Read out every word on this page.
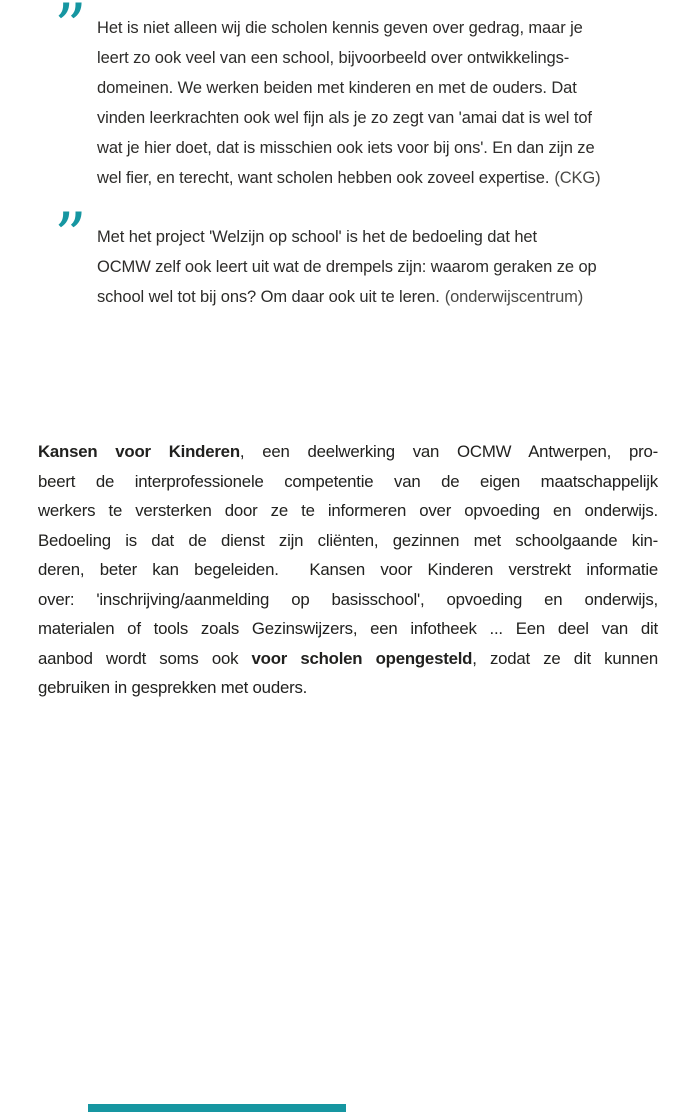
” Het is niet alleen wij die scholen kennis geven over gedrag, maar je
leert zo ook veel van een school, bijvoorbeeld over ontwikkelings-
domeinen. We werken beiden met kinderen en met de ouders. Dat
vinden leerkrachten ook wel fijn als je zo zegt van 'amai dat is wel tof
wat je hier doet, dat is misschien ook iets voor bij ons'. En dan zijn ze
wel fier, en terecht, want scholen hebben ook zoveel expertise. (CKG)
” Met het project 'Welzijn op school' is het de bedoeling dat het
OCMW zelf ook leert uit wat de drempels zijn: waarom geraken ze op
school wel tot bij ons? Om daar ook uit te leren. (onderwijscentrum)
Kansen voor Kinderen, een deelwerking van OCMW Antwerpen, pro-
beert de interprofessionele competentie van de eigen maatschappelijk
werkers te versterken door ze te informeren over opvoeding en onderwijs.
Bedoeling is dat de dienst zijn cliënten, gezinnen met schoolgaande kin-
deren, beter kan begeleiden.  Kansen voor Kinderen verstrekt informatie
over: 'inschrijving/aanmelding op basisschool', opvoeding en onderwijs,
materialen of tools zoals Gezinswijzers, een infotheek ... Een deel van dit
aanbod wordt soms ook voor scholen opengesteld, zodat ze dit kunnen
gebruiken in gesprekken met ouders.
